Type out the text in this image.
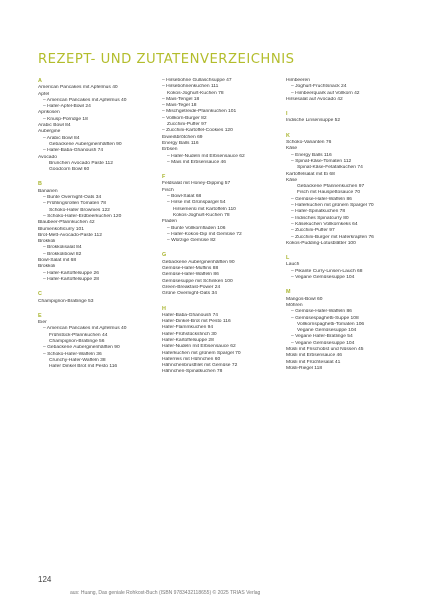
REZEPT- UND ZUTATENVERZEICHNIS
A
American Pancakes mit Apfelmus 40
Apfel
– American Pancakes mit Apfelmus 40
– Hafer-Apfel-Bowl 24
Aprikosen
– Knusp-Porridge 18
Arabic Bowl 84
Aubergine
– Arabic Bowl 84
Gebackene Auberginenhälften 90
– Hafer-Baba-Ghanoush 74
Avocado
Brunchen Avocado Paste 112
Goodcorn Bowl 60
B
Bananen
– Bunte Overnight-Oats 34
– Frühlingsrollen Tomaten 78
Schoko-Hafer Brownies 122
– Schoko-Hafer-Erdbeerkuchen 120
Blaubeer-Pfannkuchen 42
Blumenkohlcurry 101
Brot-Mett-Avocado-Paste 112
Brokkoli
– Brokkolisalat 84
– Brokkolibowl 82
Bowl-Salat mit 68
Brokkoli
– Hafer-Kartoffelsuppe 26
– Hafer-Kartoffelsuppe 28
C
Champignon-Bratlinge 53
E
Eier
– American Pancakes mit Apfelmus 40
Frühstück-Pfannkuchen 44
Champignon-Bratlinge 56
– Gebackene Auberginenhälften 90
– Schoko-Hafer-Waffeln 36
Crunchy-Hafer-Waffeln 38
Hafer Dinkel Brot mit Pesto 116
– Hirsebohne Gullaschsuppe 47
– Hirsebohnenkuchen 111
Kokos-Joghurt-Kuchen 78
– Mais-Tengel 18
– Mais-Tegel 18
– Mischgetreide-Pfannkuchen 101
– Vollkorn-Burger 82
Zucchini-Puffer 97
– Zucchini-Kartoffel-Cookies 120
Eiweißbrötchen 69
Energy Balls 116
Erbsen
– Hafer-Nudeln mit Erbsensauce 62
– Mais mit Erbsensauce 46
F
Feldsalat mit Honey-Dipping 57
Fisch
– Bowl-Salat 68
– Hirse mit Grünspargel 54
Hirsemenü mit Kartoffeln 110
Kokos-Joghurt-Kuchen 78
Fladen
– Bunte Vollkornfladen 106
– Hafer-Kokos-Dip mit Gemüse 72
– Würzige Gemüse 82
G
Gebackene Auberginenhälften 90
Gemüse-Hafer-Muffins 88
Gemüse-Hafer-Waffeln 86
Gemüsesuppe mit Schinken 100
Green-Breakfast-Power 24
Grüne Overnight-Oats 34
H
Hafer-Baba-Ghanoush 74
Hafer-Dinkel-Brot mit Pesto 116
Hafer-Flammkuchen 94
Hafer-Frühstücksfinch 30
Hafer-Kartoffelsuppe 28
Hafer-Nudeln mit Erbsensauce 62
Haferkuchen mit grünem Spargel 70
Haferreis mit Hühnchen 60
Hähnchenbrustfilet mit Gemüse 72
Hähnchen-Spinatkuchen 78
Himbeeren
– Joghurt-Fruchtsnack 24
– Himbeerquark auf Vollkorn 42
Hirsesalat auf Avocado 42
I
Indische Linsensuppe 52
K
Schoko-Varianten 76
Käse
– Energy Balls 116
– Spinat-Käse-Tomaten 112
Spinat-Käse-Fetafalkuchen 74
Kartoffelsalat mit Ei 68
Käse
Gebackene Pfannenkuchen 97
Fisch mit Hauspettosauce 70
– Gemüse-Hafer-Waffeln 86
– Haferkuchen mit grünem Spargel 70
– Hafer-Spinatkuchen 78
– Indisches Spinatcurry 80
– Käsekuchen Vollkornkeks 64
– Zucchini-Puffer 97
– Zucchini-Burger mit Haferkrapfen 76
Kokos-Pudding-Lotusblätter 100
L
Lauch
– Pikante Curry-Linsen-Lauch 68
– Vegane Gemüsesuppe 104
M
Mangos-Bowl 60
Möhren
– Gemüse-Hafer-Waffeln 86
– Gemüsespaghetti-Suppe 108
Vollkornspaghetti-Tomaten 106
Vegane Gemüsesuppe 104
– Vegane Hafer-Bratlinge 54
– Vegane Gemüsesuppe 104
Müsli mit Frischobst und Nüssen 45
Müsli mit Erbsensauce 46
Müsli mit Früchtesalat 41
Müsli-Riegel 118
124
aus: Huang, Das geniale Rohkost-Buch (ISBN 9783432118655) © 2025 TRIAS Verlag
